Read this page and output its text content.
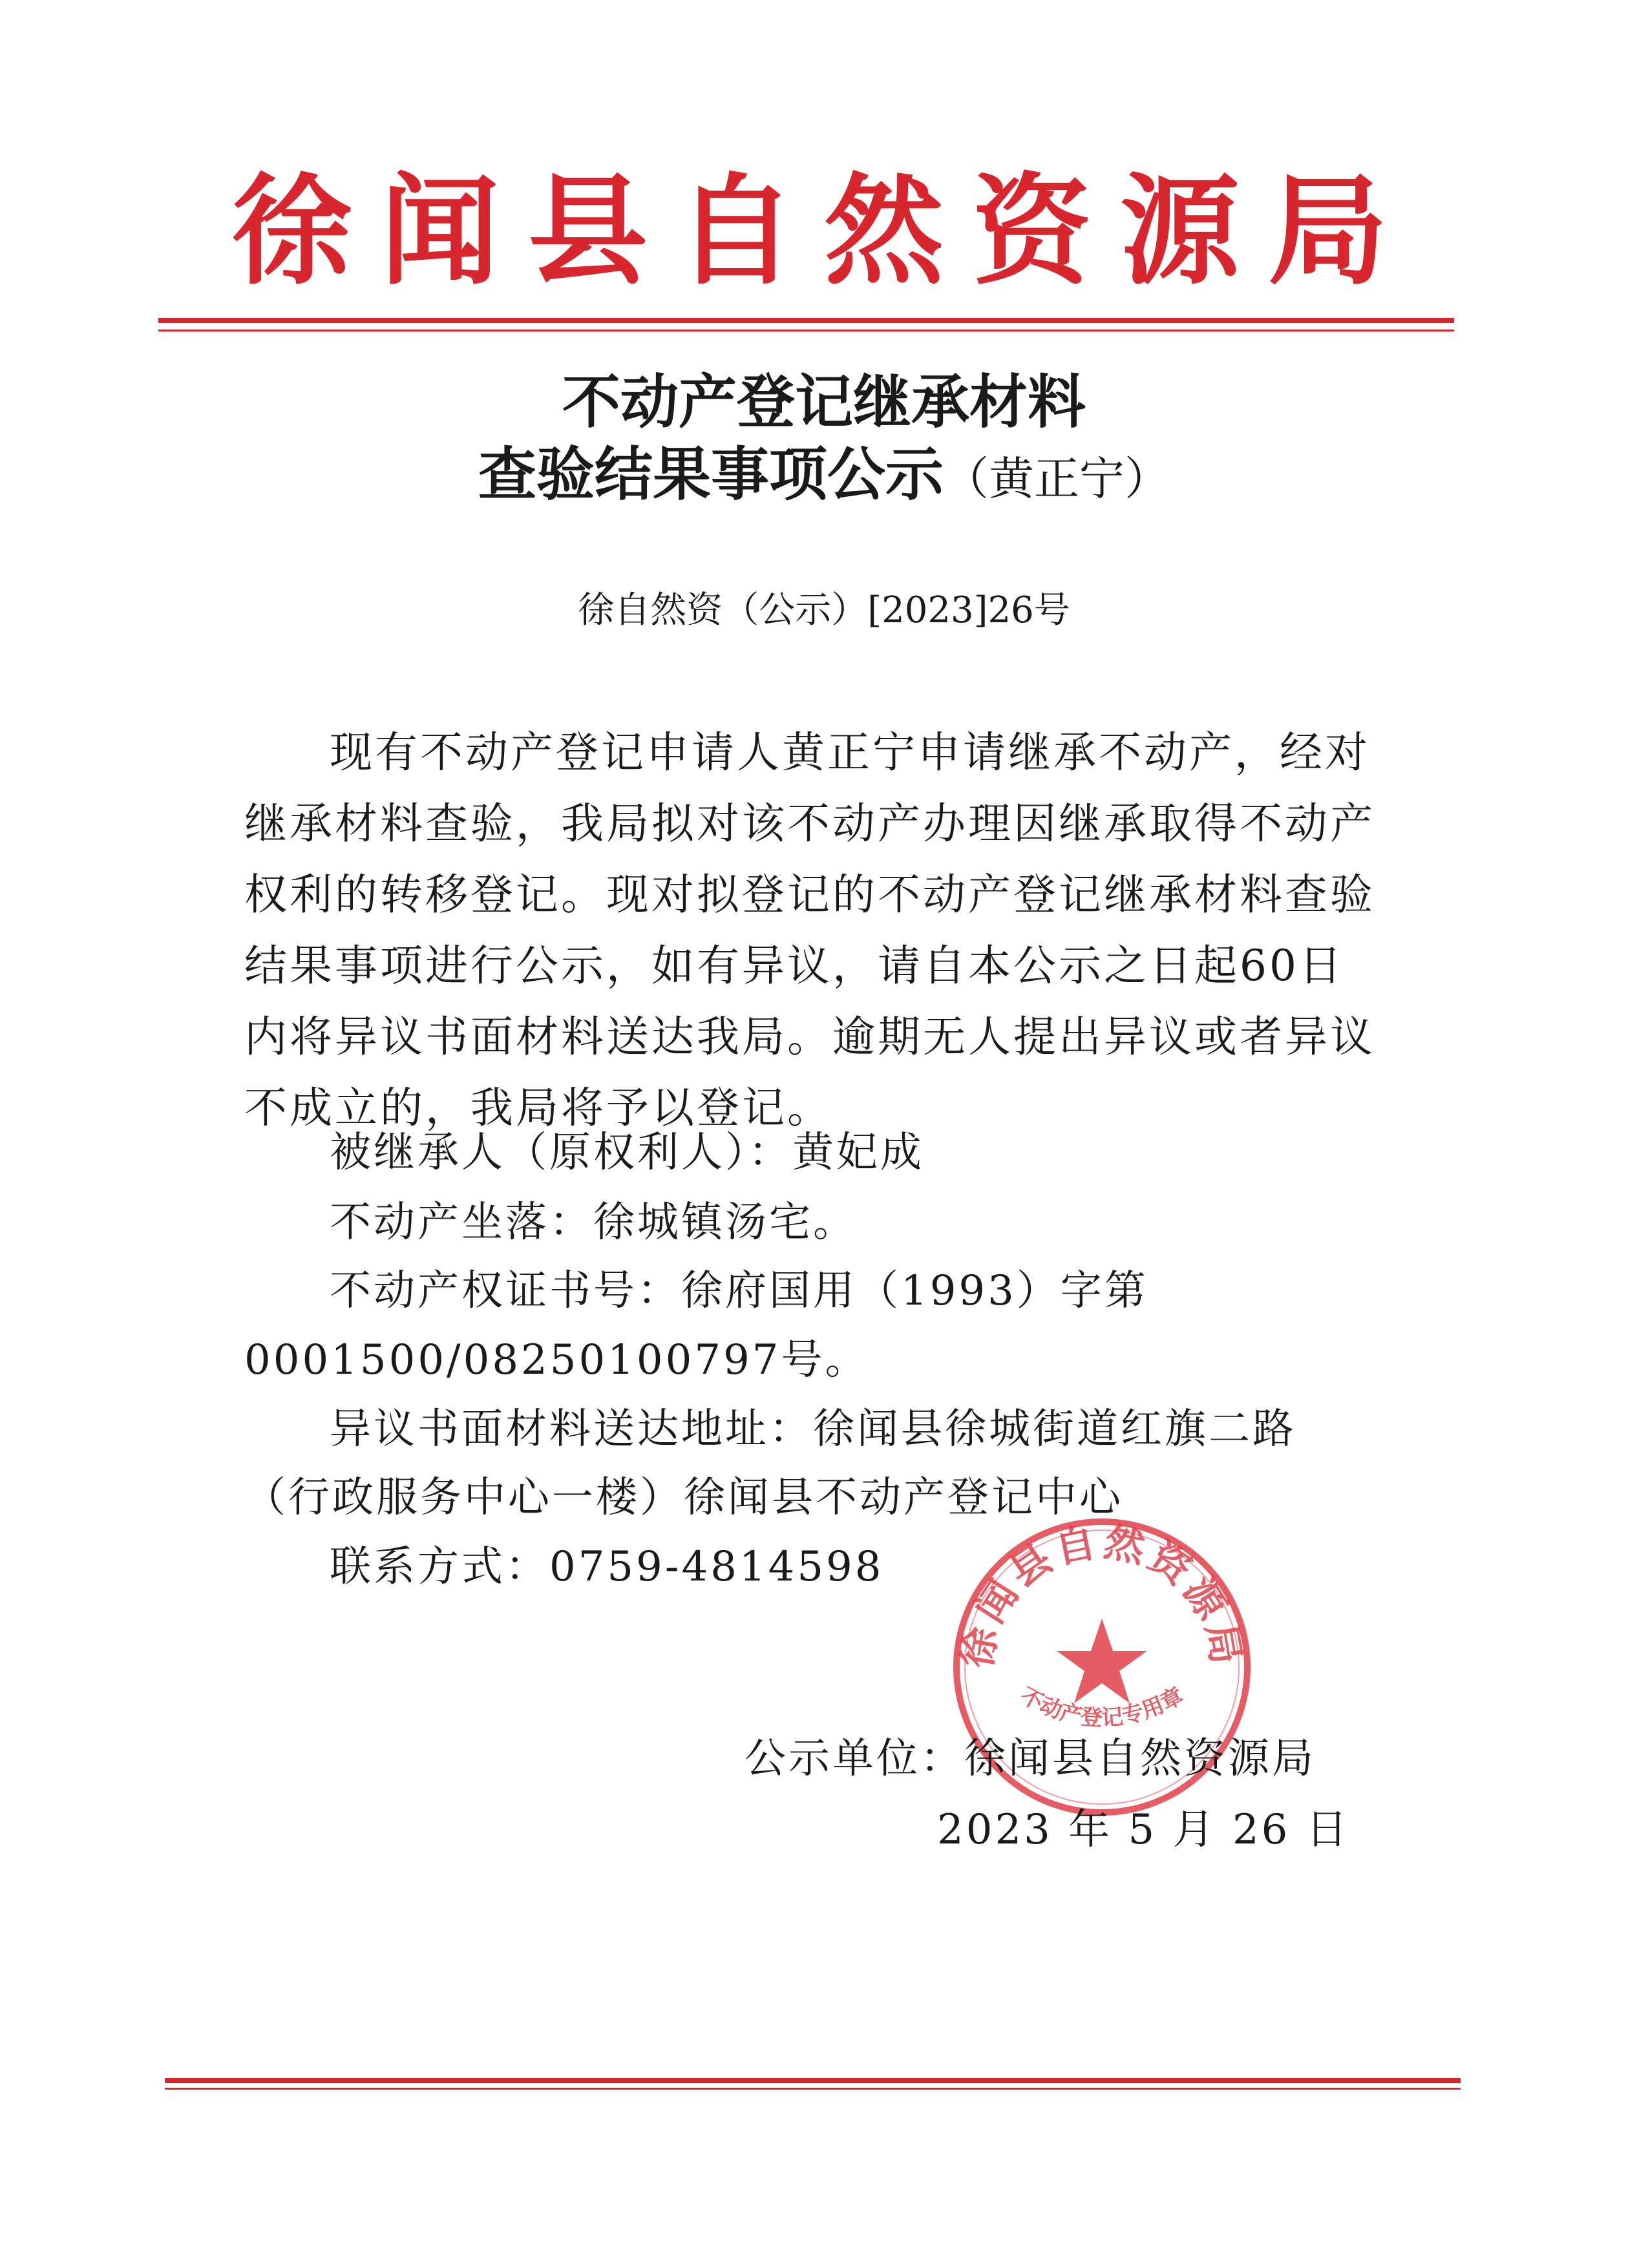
徐闻县自然资源局
不动产登记继承材料
查验结果事项公示（黄正宁）
徐自然资（公示）[2023]26号
现有不动产登记申请人黄正宁申请继承不动产，经对继承材料查验，我局拟对该不动产办理因继承取得不动产权利的转移登记。现对拟登记的不动产登记继承材料查验结果事项进行公示，如有异议，请自本公示之日起60日内将异议书面材料送达我局。逾期无人提出异议或者异议不成立的，我局将予以登记。
被继承人（原权利人）：黄妃成
不动产坐落：徐城镇汤宅。
不动产权证书号：徐府国用（1993）字第
0001500/08250100797号。
异议书面材料送达地址：徐闻县徐城街道红旗二路
（行政服务中心一楼）徐闻县不动产登记中心
联系方式：0759-4814598
徐闻县自然资源局
不动产登记专用章
公示单位：徐闻县自然资源局
2023 年 5 月 26 日
